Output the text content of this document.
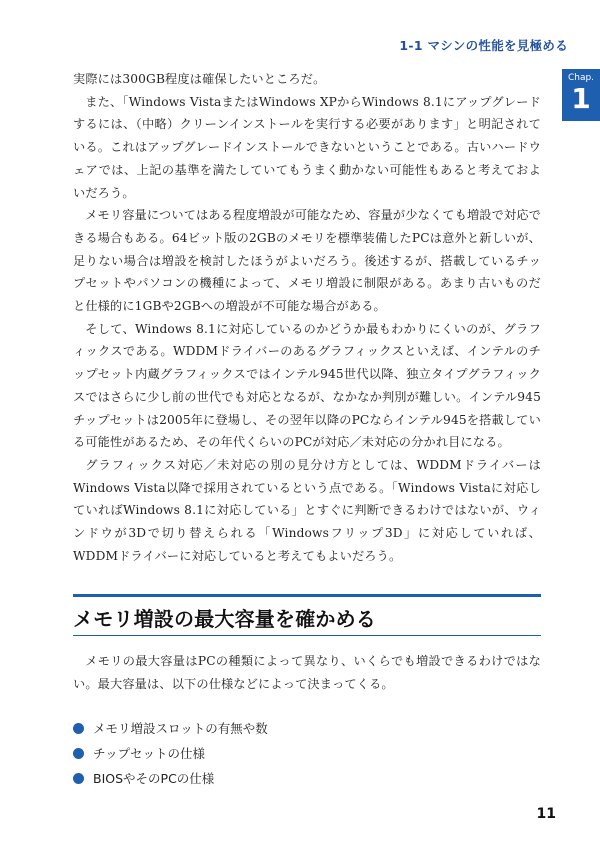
1-1 マシンの性能を見極める
Chap.
1

実際には300GB程度は確保したいところだ。

また、「Windows VistaまたはWindows XPからWindows 8.1にアップグレードするには、（中略）クリーンインストールを実行する必要があります」と明記されている。これはアップグレードインストールできないということである。古いハードウェアでは、上記の基準を満たしていてもうまく動かない可能性もあると考えておよいだろう。

メモリ容量についてはある程度増設が可能なため、容量が少なくても増設で対応できる場合もある。64ビット版の2GBのメモリを標準装備したPCは意外と新しいが、足りない場合は増設を検討したほうがよいだろう。後述するが、搭載しているチップセットやパソコンの機種によって、メモリ増設に制限がある。あまり古いものだと仕様的に1GBや2GBへの増設が不可能な場合がある。

そして、Windows 8.1に対応しているのかどうか最もわかりにくいのが、グラフィックスである。WDDMドライバーのあるグラフィックスといえば、インテルのチップセット内蔵グラフィックスではインテル945世代以降、独立タイプグラフィックスではさらに少し前の世代でも対応となるが、なかなか判別が難しい。インテル945チップセットは2005年に登場し、その翌年以降のPCならインテル945を搭載している可能性があるため、その年代くらいのPCが対応／未対応の分かれ目になる。

グラフィックス対応／未対応の別の見分け方としては、WDDMドライバーはWindows Vista以降で採用されているという点である。「Windows Vistaに対応していればWindows 8.1に対応している」とすぐに判断できるわけではないが、ウィンドウが3Dで切り替えられる「Windowsフリップ3D」に対応していれば、WDDMドライバーに対応していると考えてもよいだろう。

メモリ増設の最大容量を確かめる

メモリの最大容量はPCの種類によって異なり、いくらでも増設できるわけではない。最大容量は、以下の仕様などによって決まってくる。

メモリ増設スロットの有無や数
チップセットの仕様
BIOSやそのPCの仕様
11
